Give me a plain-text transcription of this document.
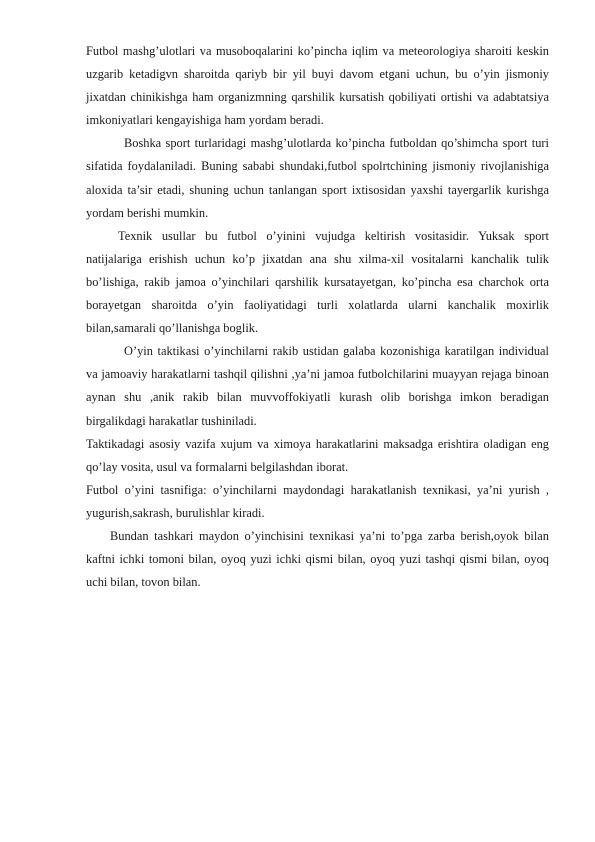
Futbol mashg’ulotlari va musoboqalarini ko’pincha iqlim va meteorologiya sharoiti keskin uzgarib ketadigvn sharoitda qariyb bir yil buyi davom etgani uchun, bu o’yin jismoniy jixatdan chinikishga ham organizmning qarshilik kursatish qobiliyati ortishi va adabtatsiya imkoniyatlari kengayishiga ham yordam beradi.

Boshka sport turlaridagi mashg’ulotlarda ko’pincha futboldan qo’shimcha sport turi sifatida foydalaniladi. Buning sababi shundaki,futbol spolrtchining jismoniy rivojlanishiga aloxida ta’sir etadi, shuning uchun tanlangan sport ixtisosidan yaxshi tayergarlik kurishga yordam berishi mumkin.

Texnik usullar bu futbol o’yinini vujudga keltirish vositasidir. Yuksak sport natijalariga erishish uchun ko’p jixatdan ana shu xilma-xil vositalarni kanchalik tulik bo’lishiga, rakib jamoa o’yinchilari qarshilik kursatayetgan, ko’pincha esa charchok orta borayetgan sharoitda o’yin faoliyatidagi turli xolatlarda ularni kanchalik moxirlik bilan,samarali qo’llanishga boglik.

O’yin taktikasi o’yinchilarni rakib ustidan galaba kozonishiga karatilgan individual va jamoaviy harakatlarni tashqil qilishni ,ya’ni jamoa futbolchilarini muayyan rejaga binoan aynan shu ,anik rakib bilan muvvoffokiyatli kurash olib borishga imkon beradigan birgalikdagi harakatlar tushiniladi.

Taktikadagi asosiy vazifa xujum va ximoya harakatlarini maksadga erishtira oladigan eng qo’lay vosita, usul va formalarni belgilashdan iborat.

Futbol o’yini tasnifiga: o’yinchilarni maydondagi harakatlanish texnikasi, ya’ni yurish , yugurish,sakrash, burulishlar kiradi.

Bundan tashkari maydon o’yinchisini texnikasi ya’ni to’pga zarba berish,oyok bilan kaftni ichki tomoni bilan, oyoq yuzi ichki qismi bilan, oyoq yuzi tashqi qismi bilan, oyoq uchi bilan, tovon bilan.
